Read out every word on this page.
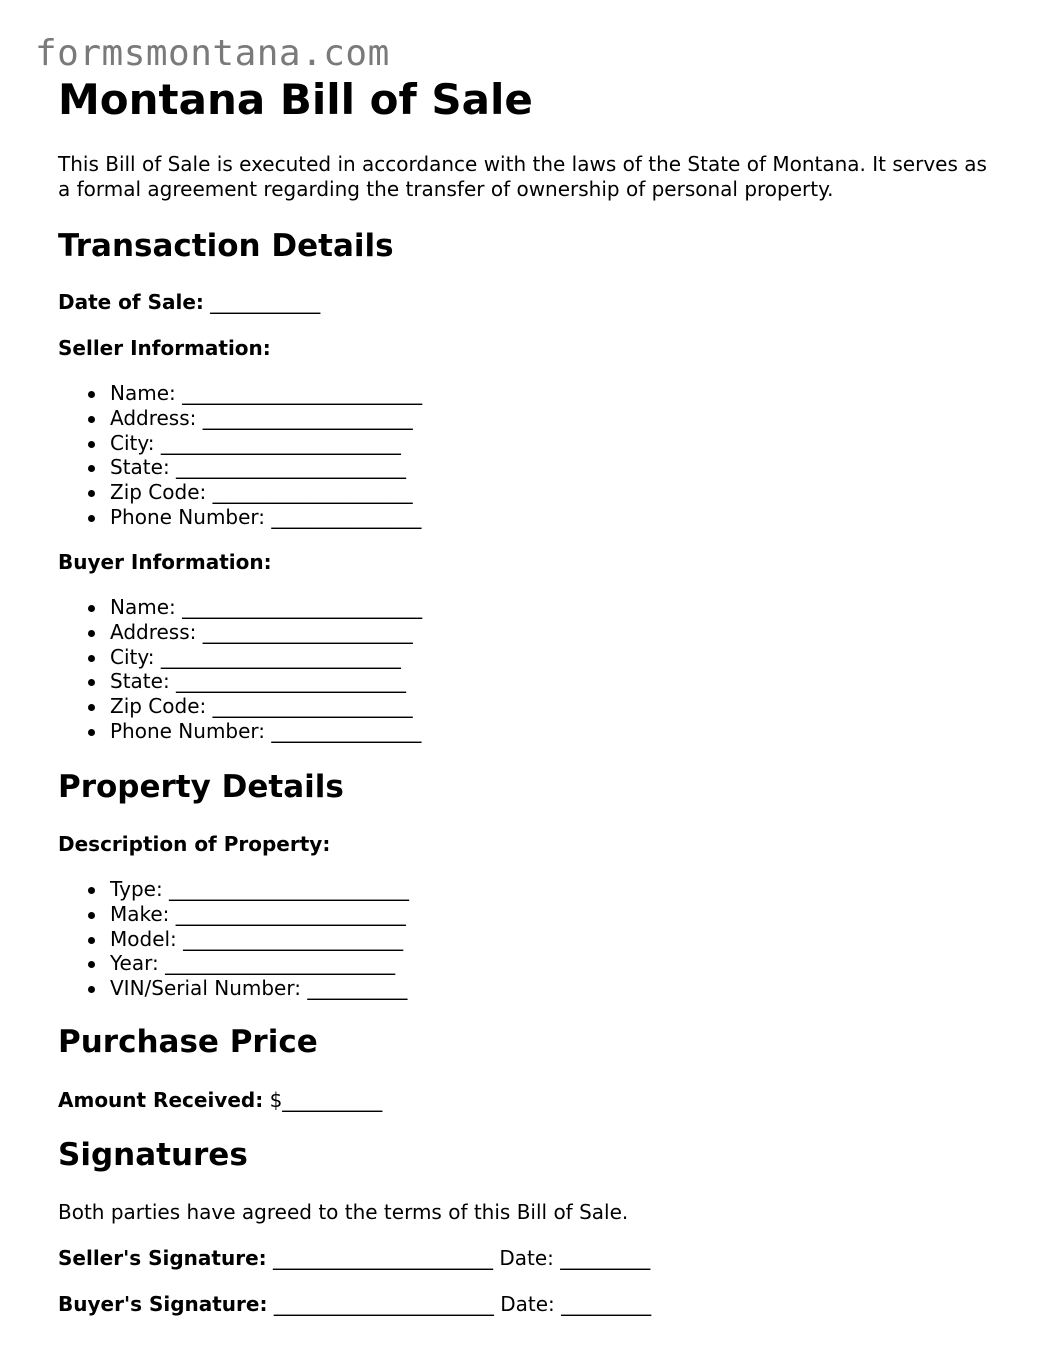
formsmontana.com
Montana Bill of Sale

This Bill of Sale is executed in accordance with the laws of the State of Montana. It serves as a formal agreement regarding the transfer of ownership of personal property.

Transaction Details

Date of Sale: ___________

Seller Information:

Name: ________________________
Address: _____________________
City: ________________________
State: _______________________
Zip Code: ____________________
Phone Number: _______________

Buyer Information:

Name: ________________________
Address: _____________________
City: ________________________
State: _______________________
Zip Code: ____________________
Phone Number: _______________
Property Details

Description of Property:

Type: ________________________
Make: _______________________
Model: ______________________
Year: _______________________
VIN/Serial Number: __________
Purchase Price

Amount Received: $__________

Signatures

Both parties have agreed to the terms of this Bill of Sale.

Seller's Signature: ______________________ Date: _________

Buyer's Signature: ______________________ Date: _________
